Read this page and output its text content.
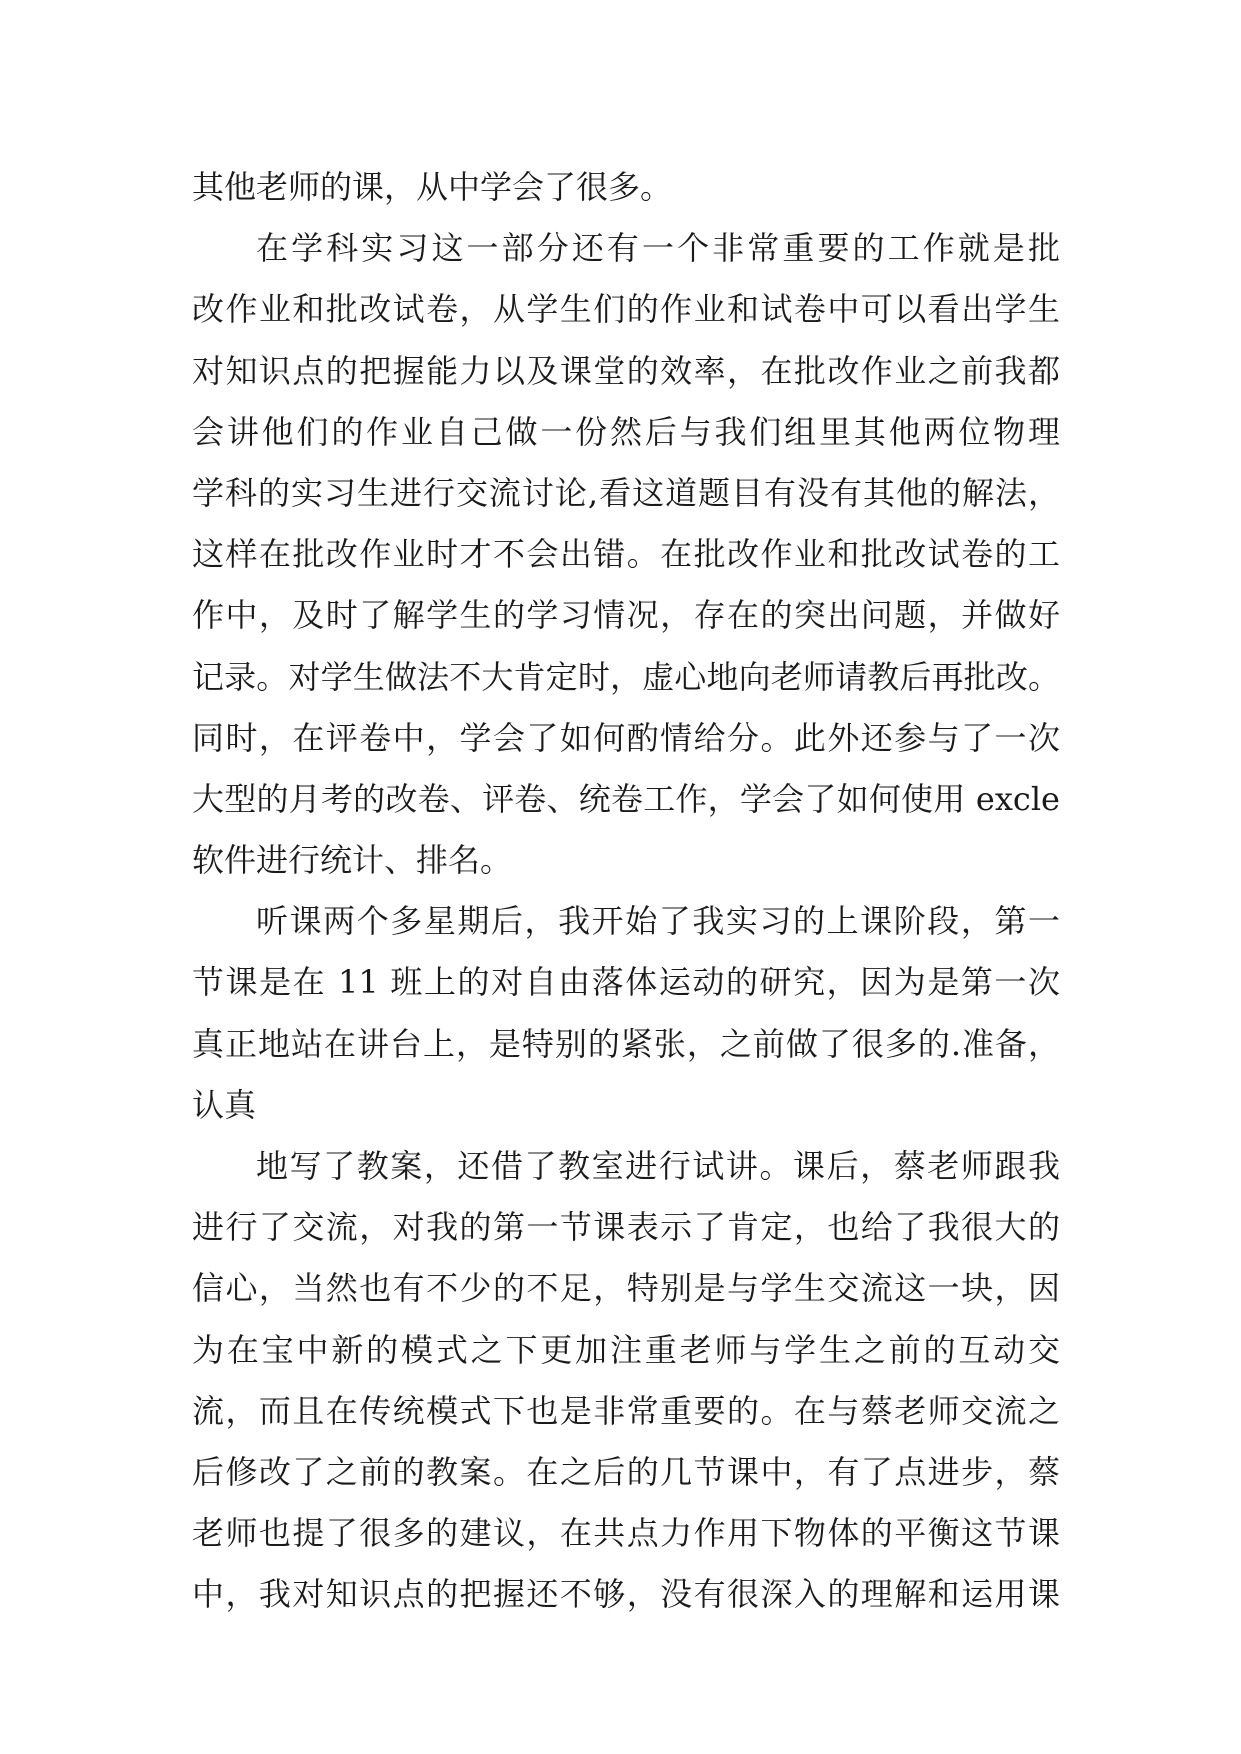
其他老师的课，从中学会了很多。
在学科实习这一部分还有一个非常重要的工作就是批
改作业和批改试卷，从学生们的作业和试卷中可以看出学生
对知识点的把握能力以及课堂的效率，在批改作业之前我都
会讲他们的作业自己做一份然后与我们组里其他两位物理
学科的实习生进行交流讨论,看这道题目有没有其他的解法，
这样在批改作业时才不会出错。在批改作业和批改试卷的工
作中，及时了解学生的学习情况，存在的突出问题，并做好
记录。对学生做法不大肯定时，虚心地向老师请教后再批改。
同时，在评卷中，学会了如何酌情给分。此外还参与了一次
大型的月考的改卷、评卷、统卷工作，学会了如何使用 excle
软件进行统计、排名。
听课两个多星期后，我开始了我实习的上课阶段，第一
节课是在 11 班上的对自由落体运动的研究，因为是第一次
真正地站在讲台上，是特别的紧张，之前做了很多的.准备，
认真
地写了教案，还借了教室进行试讲。课后，蔡老师跟我
进行了交流，对我的第一节课表示了肯定，也给了我很大的
信心，当然也有不少的不足，特别是与学生交流这一块，因
为在宝中新的模式之下更加注重老师与学生之前的互动交
流，而且在传统模式下也是非常重要的。在与蔡老师交流之
后修改了之前的教案。在之后的几节课中，有了点进步，蔡
老师也提了很多的建议，在共点力作用下物体的平衡这节课
中，我对知识点的把握还不够，没有很深入的理解和运用课
